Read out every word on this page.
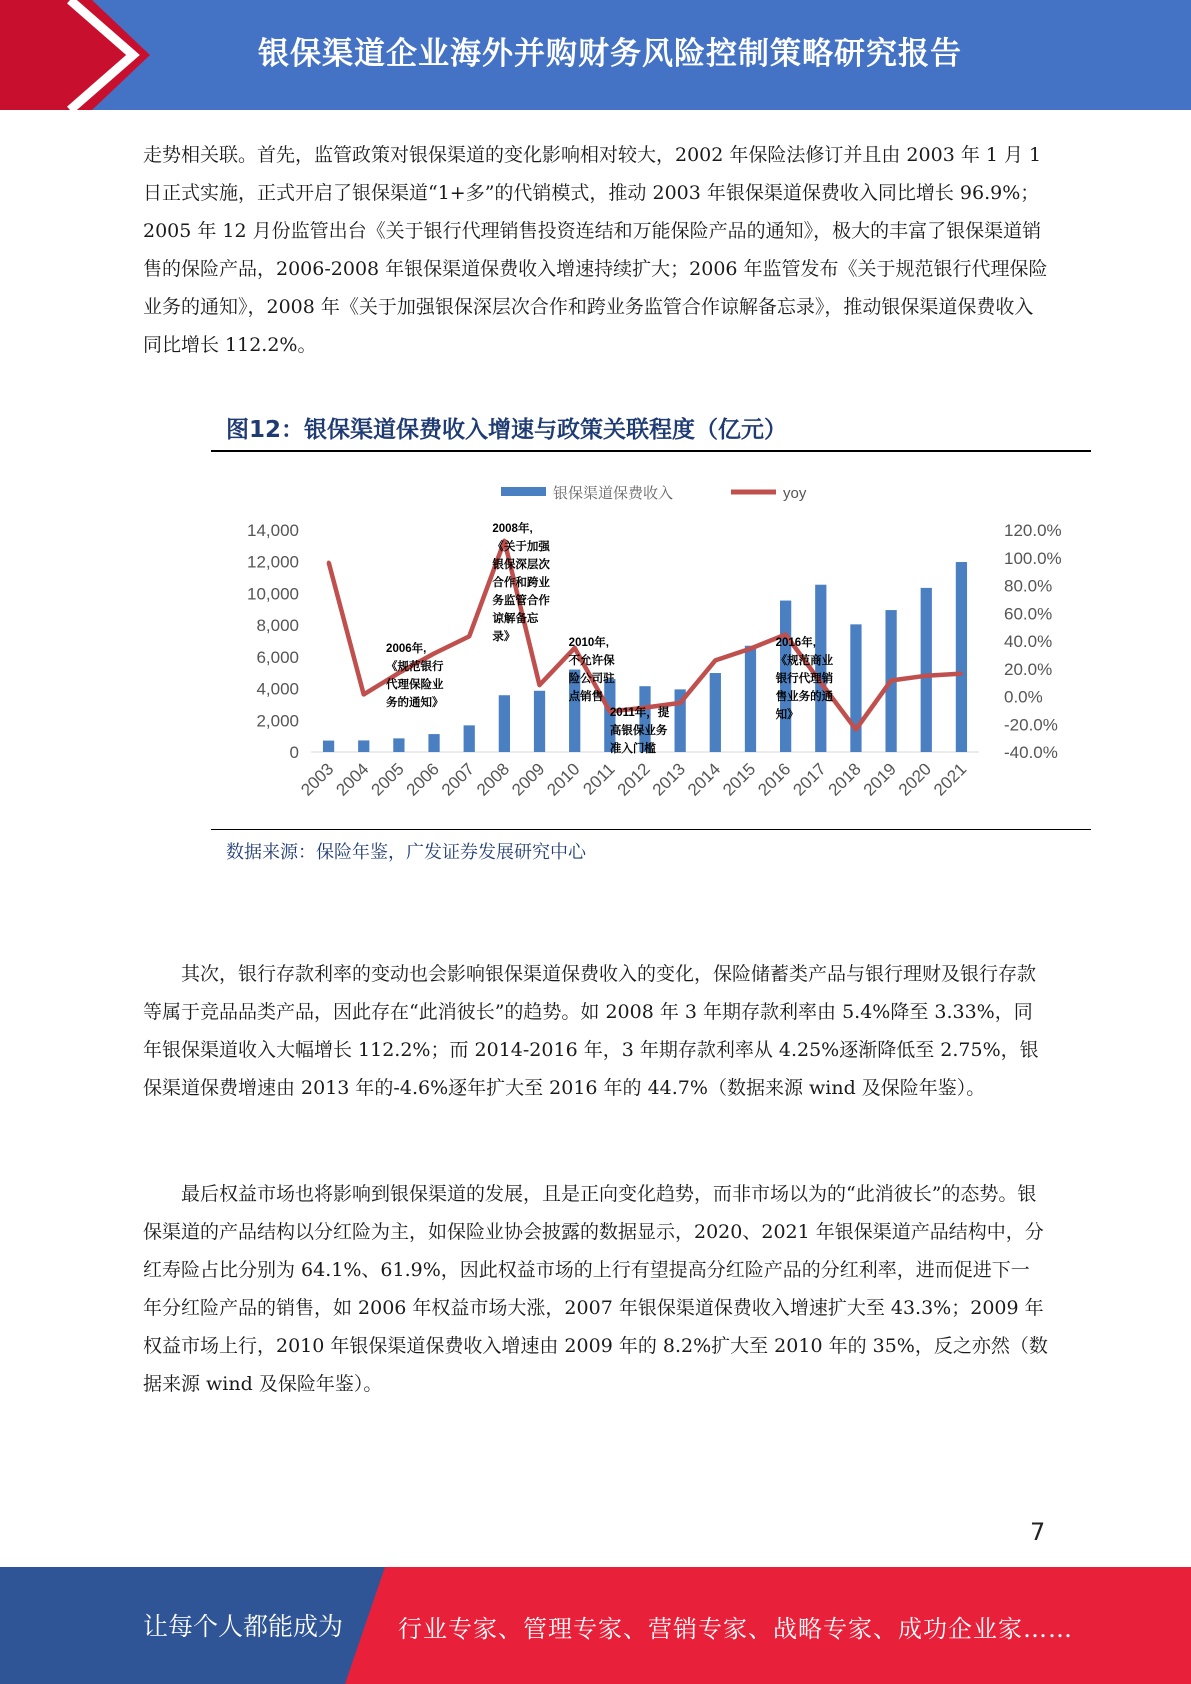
银保渠道企业海外并购财务风险控制策略研究报告

走势相关联。首先，监管政策对银保渠道的变化影响相对较大，2002 年保险法修订并且由 2003 年 1 月 1 日正式实施，正式开启了银保渠道“1+多”的代销模式，推动 2003 年银保渠道保费收入同比增长 96.9%；2005 年 12 月份监管出台《关于银行代理销售投资连结和万能保险产品的通知》，极大的丰富了银保渠道销售的保险产品，2006-2008 年银保渠道保费收入增速持续扩大；2006 年监管发布《关于规范银行代理保险业务的通知》，2008 年《关于加强银保深层次合作和跨业务监管合作谅解备忘录》，推动银保渠道保费收入同比增长 112.2%。

图12：银保渠道保费收入增速与政策关联程度（亿元）
银保渠道保费收入	yoy
14,000
12,000
10,000
8,000
6,000
4,000
2,000
0
120.0%
100.0%
80.0%
60.0%
40.0%
20.0%
0.0%
-20.0%
-40.0%
2003
2004
2005
2006
2007
2008
2009
2010
2011
2012
2013
2014
2015
2016
2017
2018
2019
2020
2021
2006年,《规范银行代理保险业务的通知》
2008年,《关于加强银保深层次合作和跨业务监管合作谅解备忘录》	2010年,不允许保险公司驻点销售
2011年，提高银保业务准入门槛
2016年,《规范商业银行代理销售业务的通知》
数据来源：保险年鉴，广发证券发展研究中心

其次，银行存款利率的变动也会影响银保渠道保费收入的变化，保险储蓄类产品与银行理财及银行存款等属于竞品品类产品，因此存在“此消彼长”的趋势。如 2008 年 3 年期存款利率由 5.4%降至 3.33%，同年银保渠道收入大幅增长 112.2%；而 2014-2016 年，3 年期存款利率从 4.25%逐渐降低至 2.75%，银保渠道保费增速由 2013 年的-4.6%逐年扩大至 2016 年的 44.7%（数据来源 wind 及保险年鉴）。

最后权益市场也将影响到银保渠道的发展，且是正向变化趋势，而非市场以为的“此消彼长”的态势。银保渠道的产品结构以分红险为主，如保险业协会披露的数据显示，2020、2021 年银保渠道产品结构中，分红寿险占比分别为 64.1%、61.9%，因此权益市场的上行有望提高分红险产品的分红利率，进而促进下一年分红险产品的销售，如 2006 年权益市场大涨，2007 年银保渠道保费收入增速扩大至 43.3%；2009 年权益市场上行，2010 年银保渠道保费收入增速由 2009 年的 8.2%扩大至 2010 年的 35%，反之亦然（数据来源 wind 及保险年鉴）。

7
让每个人都能成为 行业专家、管理专家、营销专家、战略专家、成功企业家……
